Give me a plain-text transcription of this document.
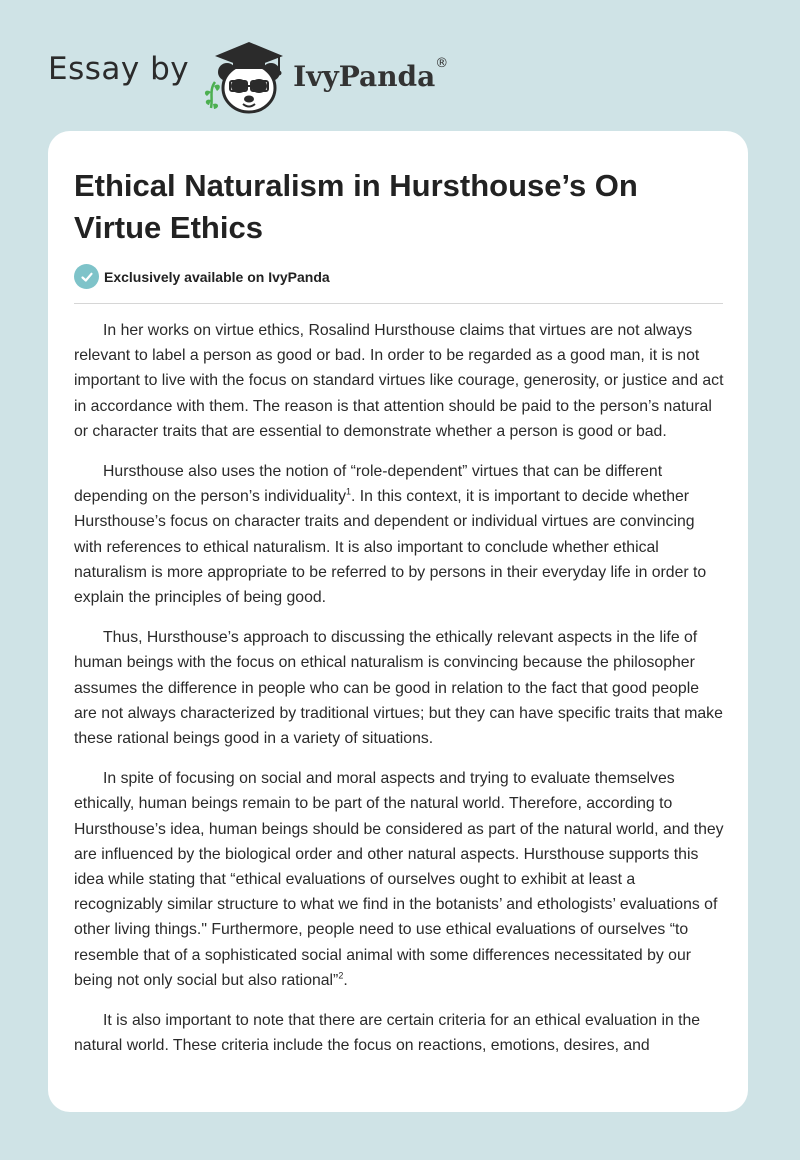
Essay by	IvyPanda®
Ethical Naturalism in Hursthouse’s On Virtue Ethics
Exclusively available on IvyPanda

In her works on virtue ethics, Rosalind Hursthouse claims that virtues are not always relevant to label a person as good or bad. In order to be regarded as a good man, it is not important to live with the focus on standard virtues like courage, generosity, or justice and act in accordance with them. The reason is that attention should be paid to the person’s natural or character traits that are essential to demonstrate whether a person is good or bad.

Hursthouse also uses the notion of “role-dependent” virtues that can be different depending on the person’s individuality$^1$. In this context, it is important to decide whether Hursthouse’s focus on character traits and dependent or individual virtues are convincing with references to ethical naturalism. It is also important to conclude whether ethical naturalism is more appropriate to be referred to by persons in their everyday life in order to explain the principles of being good.

Thus, Hursthouse’s approach to discussing the ethically relevant aspects in the life of human beings with the focus on ethical naturalism is convincing because the philosopher assumes the difference in people who can be good in relation to the fact that good people are not always characterized by traditional virtues; but they can have specific traits that make these rational beings good in a variety of situations.

In spite of focusing on social and moral aspects and trying to evaluate themselves ethically, human beings remain to be part of the natural world. Therefore, according to Hursthouse’s idea, human beings should be considered as part of the natural world, and they are influenced by the biological order and other natural aspects. Hursthouse supports this idea while stating that “ethical evaluations of ourselves ought to exhibit at least a recognizably similar structure to what we find in the botanists’ and ethologists’ evaluations of other living things." Furthermore, people need to use ethical evaluations of ourselves “to resemble that of a sophisticated social animal with some differences necessitated by our being not only social but also rational”$^2$.

It is also important to note that there are certain criteria for an ethical evaluation in the natural world. These criteria include the focus on reactions, emotions, desires, and
